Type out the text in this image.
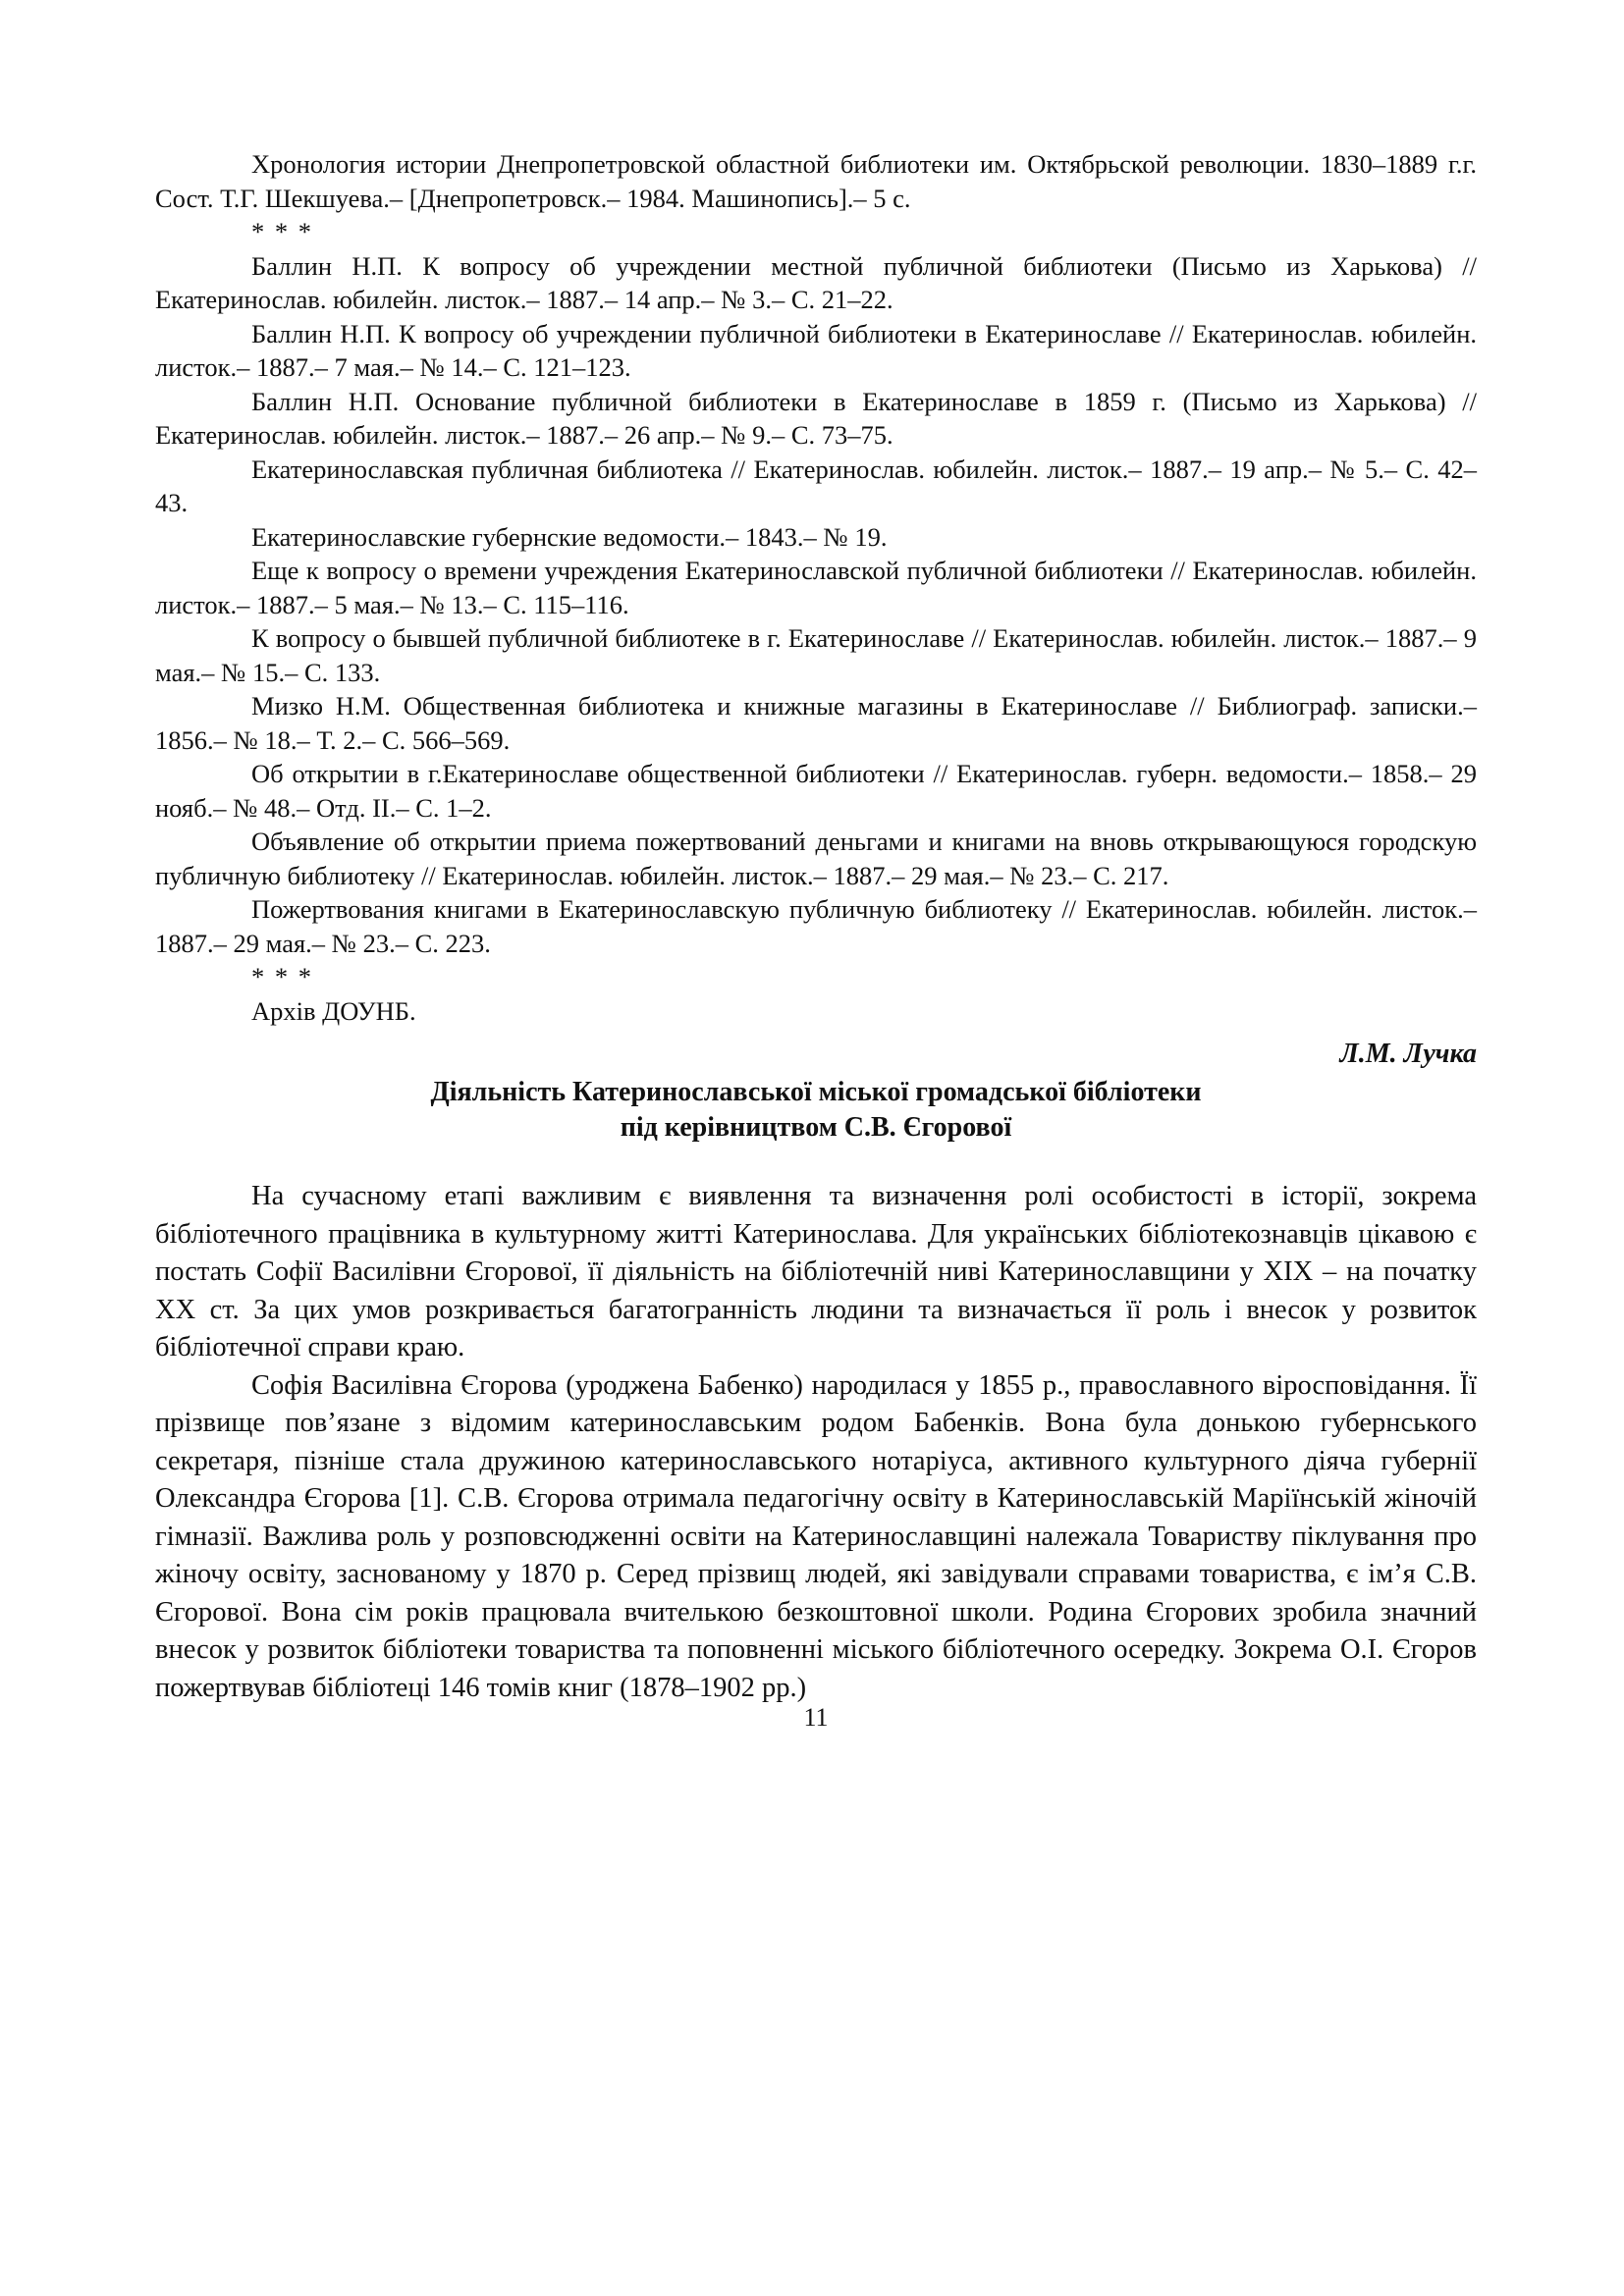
Хронология истории Днепропетровской областной библиотеки им. Октябрьской революции. 1830–1889 г.г. Сост. Т.Г. Шекшуева.– [Днепропетровск.– 1984. Машинопись].– 5 с.

* * *

Баллин Н.П. К вопросу об учреждении местной публичной библиотеки (Письмо из Харькова) // Екатеринослав. юбилейн. листок.– 1887.– 14 апр.– № 3.– С. 21–22.

Баллин Н.П. К вопросу об учреждении публичной библиотеки в Екатеринославе // Екатеринослав. юбилейн. листок.– 1887.– 7 мая.– № 14.– С. 121–123.

Баллин Н.П. Основание публичной библиотеки в Екатеринославе в 1859 г. (Письмо из Харькова) // Екатеринослав. юбилейн. листок.– 1887.– 26 апр.– № 9.– С. 73–75.

Екатеринославская публичная библиотека // Екатеринослав. юбилейн. листок.– 1887.– 19 апр.– № 5.– С. 42–43.

Екатеринославские губернские ведомости.– 1843.– № 19.

Еще к вопросу о времени учреждения Екатеринославской публичной библиотеки // Екатеринослав. юбилейн. листок.– 1887.– 5 мая.– № 13.– С. 115–116.

К вопросу о бывшей публичной библиотеке в г. Екатеринославе // Екатеринослав. юбилейн. листок.– 1887.– 9 мая.– № 15.– С. 133.

Мизко Н.М. Общественная библиотека и книжные магазины в Екатеринославе // Библиограф. записки.– 1856.– № 18.– Т. 2.– С. 566–569.

Об открытии в г.Екатеринославе общественной библиотеки // Екатеринослав. губерн. ведомости.– 1858.– 29 нояб.– № 48.– Отд. II.– С. 1–2.

Объявление об открытии приема пожертвований деньгами и книгами на вновь открывающуюся городскую публичную библиотеку // Екатеринослав. юбилейн. листок.– 1887.– 29 мая.– № 23.– С. 217.

Пожертвования книгами в Екатеринославскую публичную библиотеку // Екатеринослав. юбилейн. листок.– 1887.– 29 мая.– № 23.– С. 223.

* * *

Архів ДОУНБ.

Л.М. Лучка

Діяльність Катеринославської міської громадської бібліотеки
під керівництвом С.В. Єгорової

На сучасному етапі важливим є виявлення та визначення ролі особистості в історії, зокрема бібліотечного працівника в культурному житті Катеринослава. Для українських бібліотекознавців цікавою є постать Софії Василівни Єгорової, її діяльність на бібліотечній ниві Катеринославщини у XIX – на початку XX ст. За цих умов розкривається багатогранність людини та визначається її роль і внесок у розвиток бібліотечної справи краю.

Софія Василівна Єгорова (уроджена Бабенко) народилася у 1855 р., православного віросповідання. Її прізвище пов’язане з відомим катеринославським родом Бабенків. Вона була донькою губернського секретаря, пізніше стала дружиною катеринославського нотаріуса, активного культурного діяча губернії Олександра Єгорова [1]. С.В. Єгорова отримала педагогічну освіту в Катеринославській Маріїнській жіночій гімназії. Важлива роль у розповсюдженні освіти на Катеринославщині належала Товариству піклування про жіночу освіту, заснованому у 1870 р. Серед прізвищ людей, які завідували справами товариства, є ім’я С.В. Єгорової. Вона сім років працювала вчителькою безкоштовної школи. Родина Єгорових зробила значний внесок у розвиток бібліотеки товариства та поповненні міського бібліотечного осередку. Зокрема О.І. Єгоров пожертвував бібліотеці 146 томів книг (1878–1902 рр.)

11
